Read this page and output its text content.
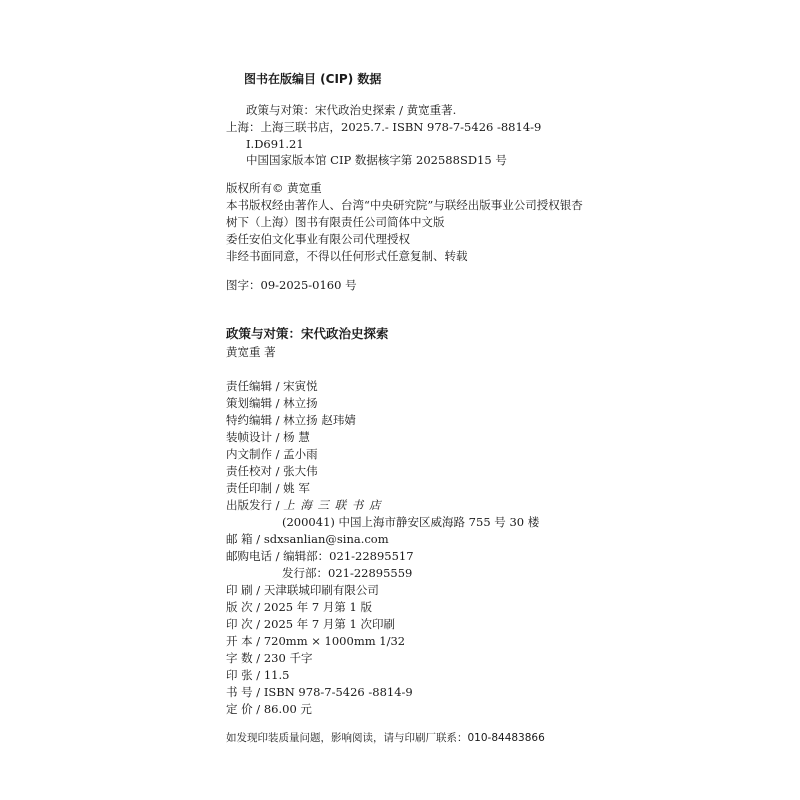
图书在版编目 (CIP) 数据
政策与对策：宋代政治史探索 / 黄宽重著.
上海：上海三联书店，2025.7.- ISBN 978-7-5426 -8814-9
I.D691.21
中国国家版本馆 CIP 数据核字第 202588SD15 号
版权所有© 黄宽重
本书版权经由著作人、台湾“中央研究院”与联经出版事业公司授权银杏
树下（上海）图书有限责任公司简体中文版
委任安伯文化事业有限公司代理授权
非经书面同意，不得以任何形式任意复制、转载
图字：09-2025-0160 号
政策与对策：宋代政治史探索
黄宽重 著
责任编辑 / 宋寅悦
策划编辑 / 林立扬
特约编辑 / 林立扬 赵玮婧
装帧设计 / 杨 慧
内文制作 / 孟小雨
责任校对 / 张大伟
责任印制 / 姚 军
出版发行 / 上 海 三 联 书 店
(200041) 中国上海市静安区威海路 755 号 30 楼
邮 箱 / sdxsanlian@sina.com
邮购电话 / 编辑部：021-22895517
发行部：021-22895559
印 刷 / 天津联城印刷有限公司
版 次 / 2025 年 7 月第 1 版
印 次 / 2025 年 7 月第 1 次印刷
开 本 / 720mm × 1000mm 1/32
字 数 / 230 千字
印 张 / 11.5
书 号 / ISBN 978-7-5426 -8814-9
定 价 / 86.00 元
如发现印装质量问题，影响阅读，请与印刷厂联系：010-84483866
